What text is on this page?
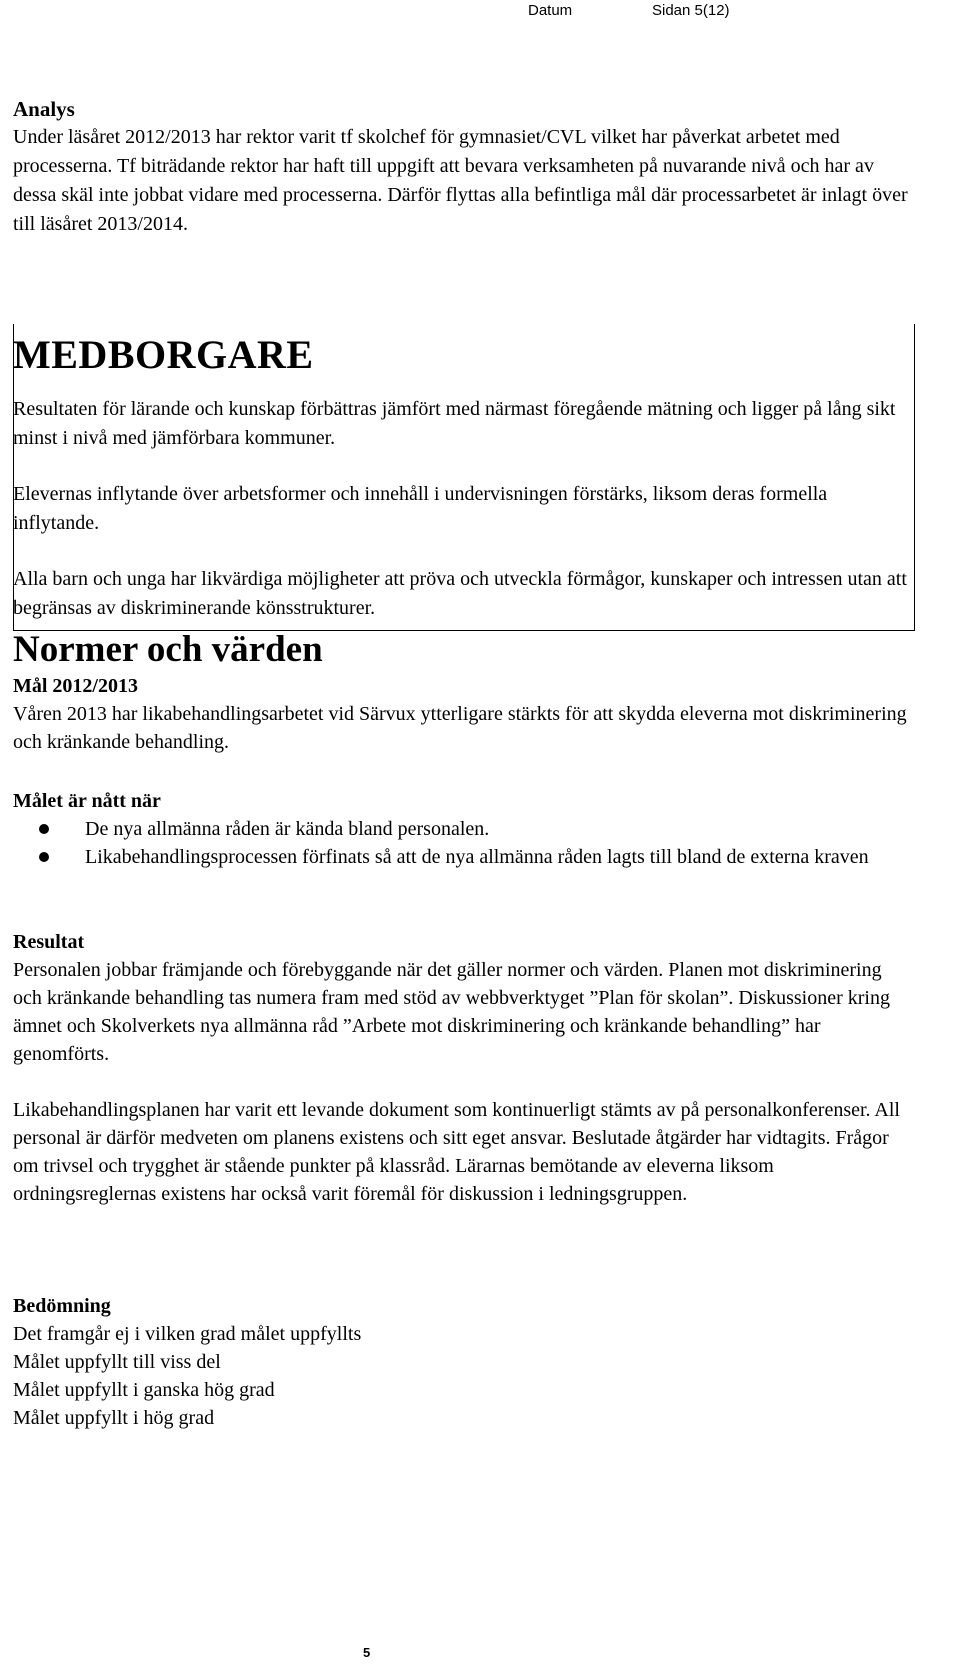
Datum	Sidan 5(12)

Analys

Under läsåret 2012/2013 har rektor varit tf skolchef för gymnasiet/CVL vilket har påverkat arbetet med processerna. Tf biträdande rektor har haft till uppgift att bevara verksamheten på nuvarande nivå och har av dessa skäl inte jobbat vidare med processerna. Därför flyttas alla befintliga mål där processarbetet är inlagt över till läsåret 2013/2014.

MEDBORGARE

Resultaten för lärande och kunskap förbättras jämfört med närmast föregående mätning och ligger på lång sikt minst i nivå med jämförbara kommuner.

Elevernas inflytande över arbetsformer och innehåll i undervisningen förstärks, liksom deras formella inflytande.

Alla barn och unga har likvärdiga möjligheter att pröva och utveckla förmågor, kunskaper och intressen utan att begränsas av diskriminerande könsstrukturer.

Normer och värden

Mål 2012/2013

Våren 2013 har likabehandlingsarbetet vid Särvux ytterligare stärkts för att skydda eleverna mot diskriminering och kränkande behandling.

Målet är nått när

De nya allmänna råden är kända bland personalen.
Likabehandlingsprocessen förfinats så att de nya allmänna råden lagts till bland de externa kraven

Resultat

Personalen jobbar främjande och förebyggande när det gäller normer och värden. Planen mot diskriminering och kränkande behandling tas numera fram med stöd av webbverktyget ”Plan för skolan”. Diskussioner kring ämnet och Skolverkets nya allmänna råd ”Arbete mot diskriminering och kränkande behandling” har genomförts.

Likabehandlingsplanen har varit ett levande dokument som kontinuerligt stämts av på personalkonferenser. All personal är därför medveten om planens existens och sitt eget ansvar. Beslutade åtgärder har vidtagits. Frågor om trivsel och trygghet är stående punkter på klassråd. Lärarnas bemötande av eleverna liksom ordningsreglernas existens har också varit föremål för diskussion i ledningsgruppen.

Bedömning

Det framgår ej i vilken grad målet uppfyllts

Målet uppfyllt till viss del

Målet uppfyllt i ganska hög grad

Målet uppfyllt i hög grad

5
